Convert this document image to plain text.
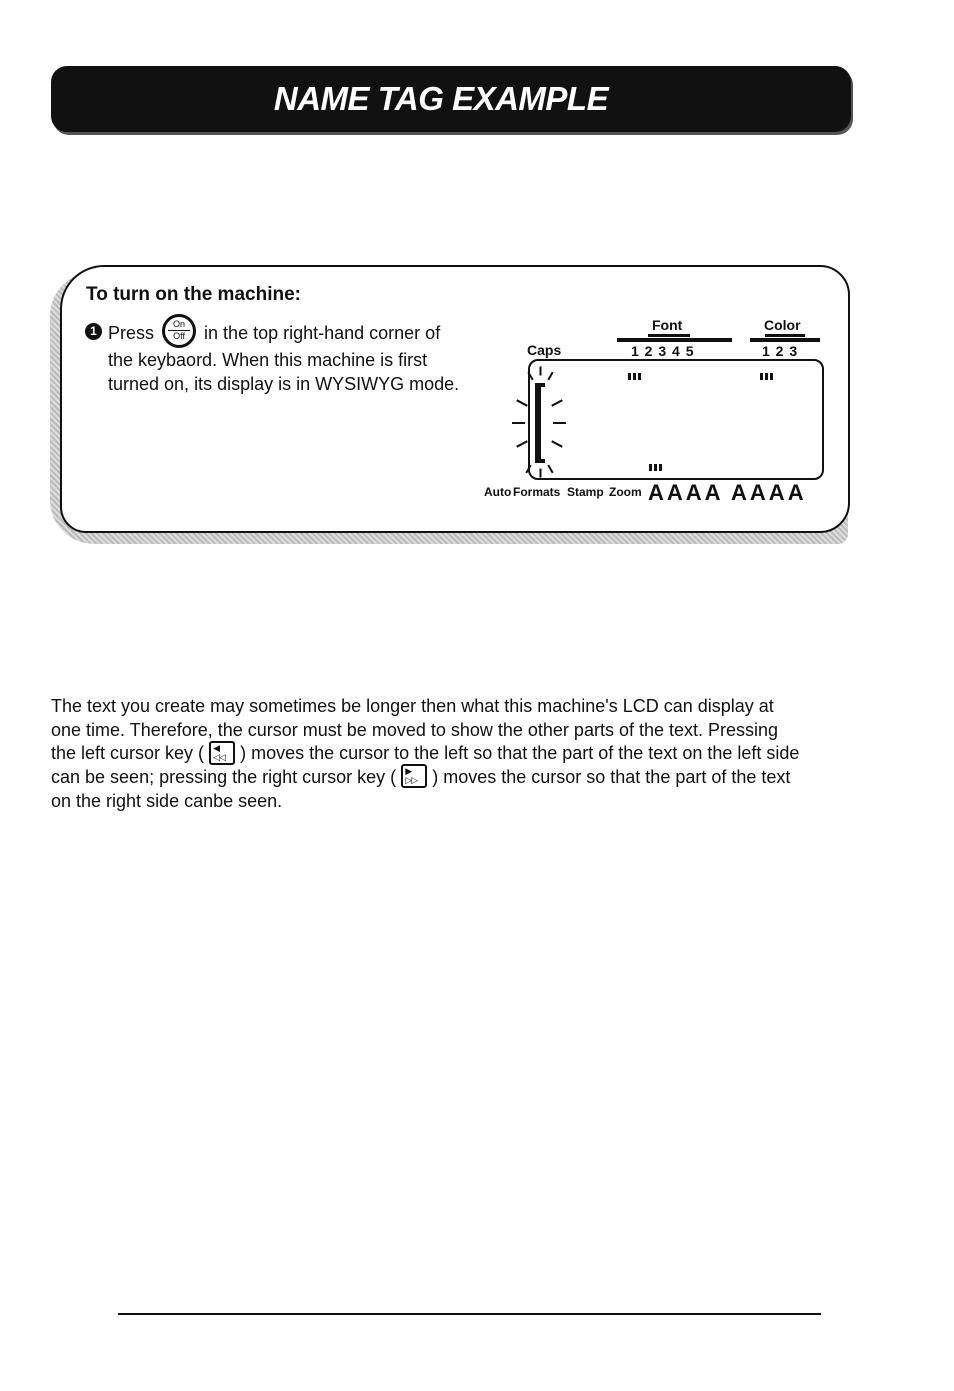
NAME TAG EXAMPLE
To turn on the machine:
1 Press	On
Off in the top right-hand corner of
the keybaord. When this machine is first
turned on, its display is in WYSIWYG mode.
Caps
Font
1 2 3 4 5
Color
1 2 3
Auto Formats Stamp Zoom AAAA AAAA
The text you create may sometimes be longer then what this machine's LCD can display at
one time. Therefore, the cursor must be moved to show the other parts of the text. Pressing
the left cursor key ( ◀
◁◁ ) moves the cursor to the left so that the part of the text on the left side
can be seen; pressing the right cursor key ( ▶
▷▷ ) moves the cursor so that the part of the text
on the right side canbe seen.
